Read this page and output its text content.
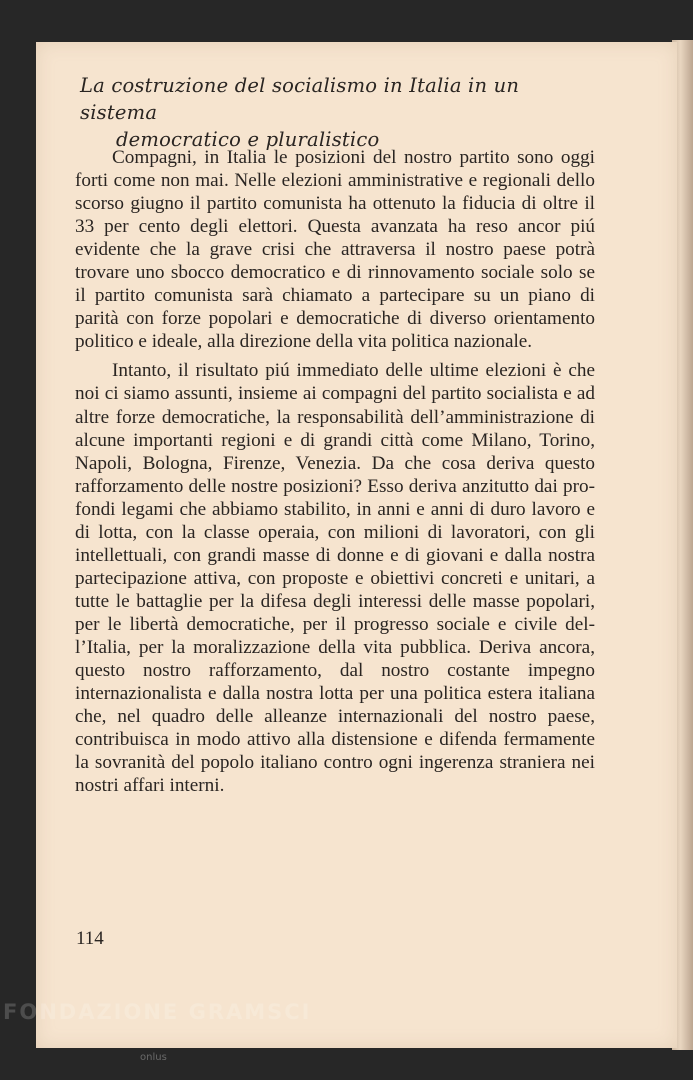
La costruzione del socialismo in Italia in un sistema
democratico e pluralistico

Compagni, in Italia le posizioni del nostro partito sono oggi forti come non mai. Nelle elezioni amministrative e regionali dello scorso giugno il partito comunista ha ottenuto la fiducia di oltre il 33 per cento degli elettori. Questa avanzata ha reso ancor piú evidente che la grave crisi che attraversa il nostro paese potrà trovare uno sbocco democratico e di rinnovamento sociale solo se il partito comunista sarà chiamato a partecipare su un piano di parità con forze popolari e democratiche di diverso orientamento politico e ideale, alla direzione della vita politica nazionale.

Intanto, il risultato piú immediato delle ultime elezioni è che noi ci siamo assunti, insieme ai compagni del partito socialista e ad altre forze democratiche, la responsabilità dell’amministrazione di alcune importanti regioni e di grandi città come Milano, Torino, Napoli, Bologna, Firenze, Venezia. Da che cosa deriva questo rafforzamento delle nostre posizioni? Esso deriva anzitutto dai profondi legami che abbiamo stabilito, in anni e anni di duro lavoro e di lotta, con la classe operaia, con milioni di lavoratori, con gli intellettuali, con grandi masse di donne e di giovani e dalla nostra partecipazione attiva, con proposte e obiettivi concreti e unitari, a tutte le battaglie per la difesa degli interessi delle masse popolari, per le libertà democratiche, per il progresso sociale e civile dell’Italia, per la moralizzazione della vita pubblica. Deriva ancora, questo nostro rafforzamento, dal nostro costante impegno internazionalista e dalla nostra lotta per una politica estera italiana che, nel quadro delle alleanze internazionali del nostro paese, contribuisca in modo attivo alla distensione e difenda fermamente la sovranità del popolo italiano contro ogni ingerenza straniera nei nostri affari interni.

114
FONDAZIONE GRAMSCI
onlus
